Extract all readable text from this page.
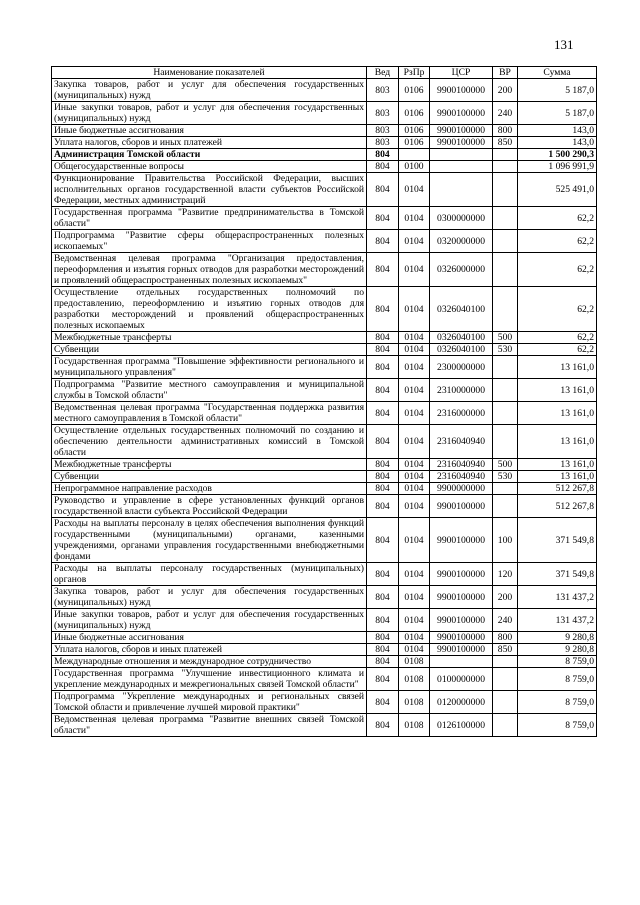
131
Наименование показателей	Вед	РзПр	ЦСР	ВР	Сумма
Закупка товаров, работ и услуг для обеспечения государственных (муниципальных) нужд	803	0106	9900100000	200	5 187,0
Иные закупки товаров, работ и услуг для обеспечения государственных (муниципальных) нужд	803	0106	9900100000	240	5 187,0
Иные бюджетные ассигнования	803	0106	9900100000	800	143,0
Уплата налогов, сборов и иных платежей	803	0106	9900100000	850	143,0
Администрация Томской области	804				1 500 290,3
Общегосударственные вопросы	804	0100			1 096 991,9
Функционирование Правительства Российской Федерации, высших исполнительных органов государственной власти субъектов Российской Федерации, местных администраций	804	0104			525 491,0
Государственная программа "Развитие предпринимательства в Томской области"	804	0104	0300000000		62,2
Подпрограмма "Развитие сферы общераспространенных полезных ископаемых"	804	0104	0320000000		62,2
Ведомственная целевая программа "Организация предоставления, переоформления и изъятия горных отводов для разработки месторождений и проявлений общераспространенных полезных ископаемых"	804	0104	0326000000		62,2
Осуществление отдельных государственных полномочий по предоставлению, переоформлению и изъятию горных отводов для разработки месторождений и проявлений общераспространенных полезных ископаемых	804	0104	0326040100		62,2
Межбюджетные трансферты	804	0104	0326040100	500	62,2
Субвенции	804	0104	0326040100	530	62,2
Государственная программа "Повышение эффективности регионального и муниципального управления"	804	0104	2300000000		13 161,0
Подпрограмма "Развитие местного самоуправления и муниципальной службы в Томской области"	804	0104	2310000000		13 161,0
Ведомственная целевая программа "Государственная поддержка развития местного самоуправления в Томской области"	804	0104	2316000000		13 161,0
Осуществление отдельных государственных полномочий по созданию и обеспечению деятельности административных комиссий в Томской области	804	0104	2316040940		13 161,0
Межбюджетные трансферты	804	0104	2316040940	500	13 161,0
Субвенции	804	0104	2316040940	530	13 161,0
Непрограммное направление расходов	804	0104	9900000000		512 267,8
Руководство и управление в сфере установленных функций органов государственной власти субъекта Российской Федерации	804	0104	9900100000		512 267,8
Расходы на выплаты персоналу в целях обеспечения выполнения функций государственными (муниципальными) органами, казенными учреждениями, органами управления государственными внебюджетными фондами	804	0104	9900100000	100	371 549,8
Расходы на выплаты персоналу государственных (муниципальных) органов	804	0104	9900100000	120	371 549,8
Закупка товаров, работ и услуг для обеспечения государственных (муниципальных) нужд	804	0104	9900100000	200	131 437,2
Иные закупки товаров, работ и услуг для обеспечения государственных (муниципальных) нужд	804	0104	9900100000	240	131 437,2
Иные бюджетные ассигнования	804	0104	9900100000	800	9 280,8
Уплата налогов, сборов и иных платежей	804	0104	9900100000	850	9 280,8
Международные отношения и международное сотрудничество	804	0108			8 759,0
Государственная программа "Улучшение инвестиционного климата и укрепление международных и межрегиональных связей Томской области"	804	0108	0100000000		8 759,0
Подпрограмма "Укрепление международных и региональных связей Томской области и привлечение лучшей мировой практики"	804	0108	0120000000		8 759,0
Ведомственная целевая программа "Развитие внешних связей Томской области"	804	0108	0126100000		8 759,0
